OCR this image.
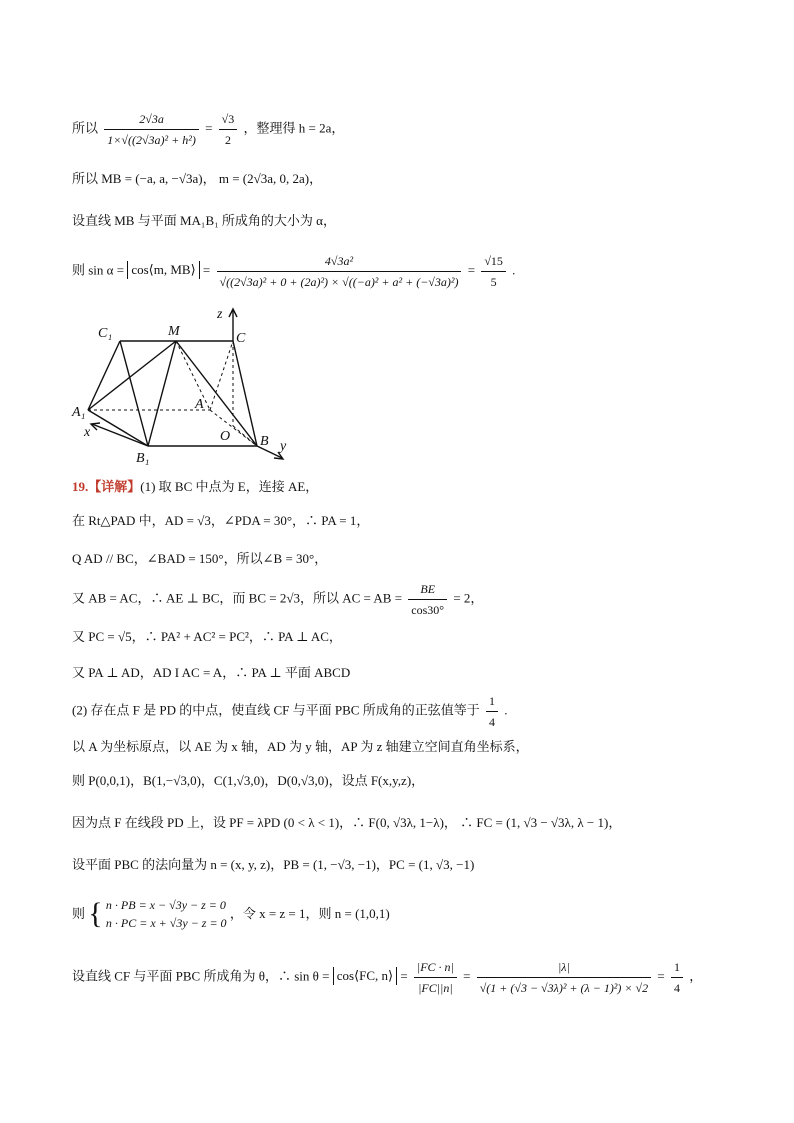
所以 $\frac{2√3a}{\text{1×√((2√3a)² + h²)}} = \frac{√3}{2}$ ，整理得 h = 2a，
所以 MB = (−a, a, −√3a)， m = (2√3a, 0, 2a)，
设直线 MB 与平面 MA₁B₁ 所成角的大小为 α，
则 sin α = cos⟨m, MB⟩ = $\frac{\text{4√3a²}}{\text{√((2√3a)² + 0 + (2a)²) × √((−a)² + a² + (−√3a)²)}} = \frac{√15}{5}$ .
C₁	M	C
z
A₁
A
x	O B y
B₁
19.【详解】(1) 取 BC 中点为 E，连接 AE，
在 Rt△PAD 中，AD = √3，∠PDA = 30°，∴ PA = 1，
Q AD // BC，∠BAD = 150°，所以∠B = 30°，
又 AB = AC，∴ AE ⊥ BC，而 BC = 2√3，所以 AC = AB = $\frac{BE}{\cos 30^\circ} = 2$，
又 PC = √5，∴ PA² + AC² = PC²，∴ PA ⊥ AC，
又 PA ⊥ AD，AD I AC = A，∴ PA ⊥ 平面 ABCD
(2) 存在点 F 是 PD 的中点，使直线 CF 与平面 PBC 所成角的正弦值等于 $\frac{1}{4}$ .
以 A 为坐标原点，以 AE 为 x 轴，AD 为 y 轴，AP 为 z 轴建立空间直角坐标系，
则 P(0,0,1)，B(1,−√3,0)，C(1,√3,0)，D(0,√3,0)，设点 F(x,y,z)，
因为点 F 在线段 PD 上，设 PF = λPD (0 < λ < 1)，∴ F(0, √3λ, 1−λ)， ∴ FC = (1, √3 − √3λ, λ − 1)，
设平面 PBC 的法向量为 n = (x, y, z)，PB = (1, −√3, −1)，PC = (1, √3, −1)
则 { n · PB = x − √3y − z = 0
n · PC = x + √3y − z = 0
，令 x = z = 1，则 n = (1,0,1)
设直线 CF 与平面 PBC 所成角为 θ，∴ sin θ = cos⟨FC, n⟩ = $\frac{|FC \cdot n|}{|FC||n|} = \frac{|\lambda|}{\text{√(1 + (√3 − √3λ)² + (λ − 1)²) × √2}} = \frac{1}{4}$ ，
